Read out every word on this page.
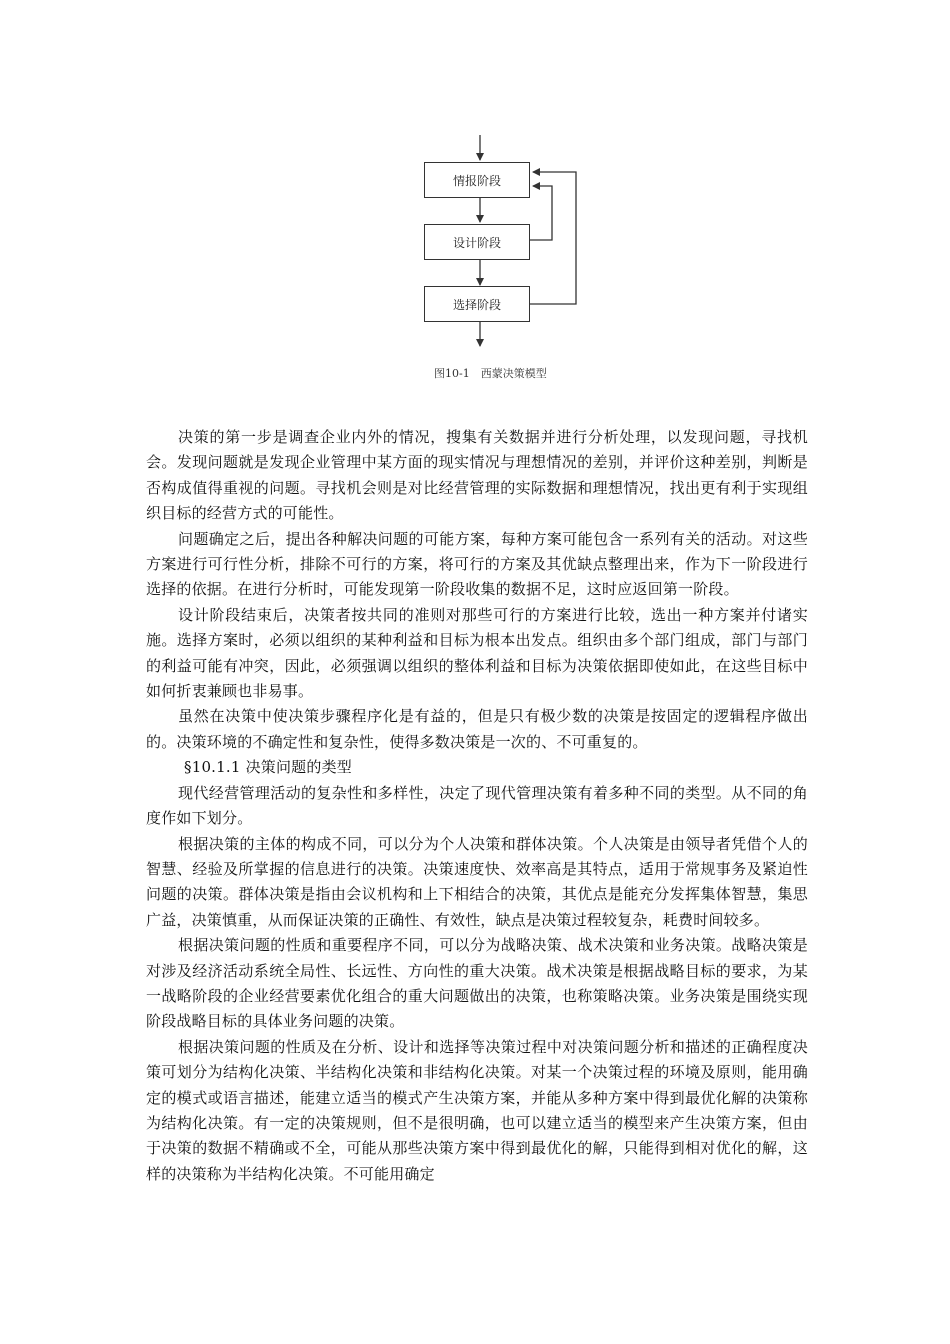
情报阶段
设计阶段
选择阶段
图10-1　西蒙决策模型

决策的第一步是调查企业内外的情况，搜集有关数据并进行分析处理，以发现问题，寻找机会。发现问题就是发现企业管理中某方面的现实情况与理想情况的差别，并评价这种差别，判断是否构成值得重视的问题。寻找机会则是对比经营管理的实际数据和理想情况，找出更有利于实现组织目标的经营方式的可能性。

问题确定之后，提出各种解决问题的可能方案，每种方案可能包含一系列有关的活动。对这些方案进行可行性分析，排除不可行的方案，将可行的方案及其优缺点整理出来，作为下一阶段进行选择的依据。在进行分析时，可能发现第一阶段收集的数据不足，这时应返回第一阶段。

设计阶段结束后，决策者按共同的准则对那些可行的方案进行比较，选出一种方案并付诸实施。选择方案时，必须以组织的某种利益和目标为根本出发点。组织由多个部门组成，部门与部门的利益可能有冲突，因此，必须强调以组织的整体利益和目标为决策依据即使如此，在这些目标中如何折衷兼顾也非易事。

虽然在决策中使决策步骤程序化是有益的，但是只有极少数的决策是按固定的逻辑程序做出的。决策环境的不确定性和复杂性，使得多数决策是一次的、不可重复的。

§10.1.1 决策问题的类型

现代经营管理活动的复杂性和多样性，决定了现代管理决策有着多种不同的类型。从不同的角度作如下划分。

根据决策的主体的构成不同，可以分为个人决策和群体决策。个人决策是由领导者凭借个人的智慧、经验及所掌握的信息进行的决策。决策速度快、效率高是其特点，适用于常规事务及紧迫性问题的决策。群体决策是指由会议机构和上下相结合的决策，其优点是能充分发挥集体智慧，集思广益，决策慎重，从而保证决策的正确性、有效性，缺点是决策过程较复杂，耗费时间较多。

根据决策问题的性质和重要程序不同，可以分为战略决策、战术决策和业务决策。战略决策是对涉及经济活动系统全局性、长远性、方向性的重大决策。战术决策是根据战略目标的要求，为某一战略阶段的企业经营要素优化组合的重大问题做出的决策，也称策略决策。业务决策是围绕实现阶段战略目标的具体业务问题的决策。

根据决策问题的性质及在分析、设计和选择等决策过程中对决策问题分析和描述的正确程度决策可划分为结构化决策、半结构化决策和非结构化决策。对某一个决策过程的环境及原则，能用确定的模式或语言描述，能建立适当的模式产生决策方案，并能从多种方案中得到最优化解的决策称为结构化决策。有一定的决策规则，但不是很明确，也可以建立适当的模型来产生决策方案，但由于决策的数据不精确或不全，可能从那些决策方案中得到最优化的解，只能得到相对优化的解，这样的决策称为半结构化决策。不可能用确定
